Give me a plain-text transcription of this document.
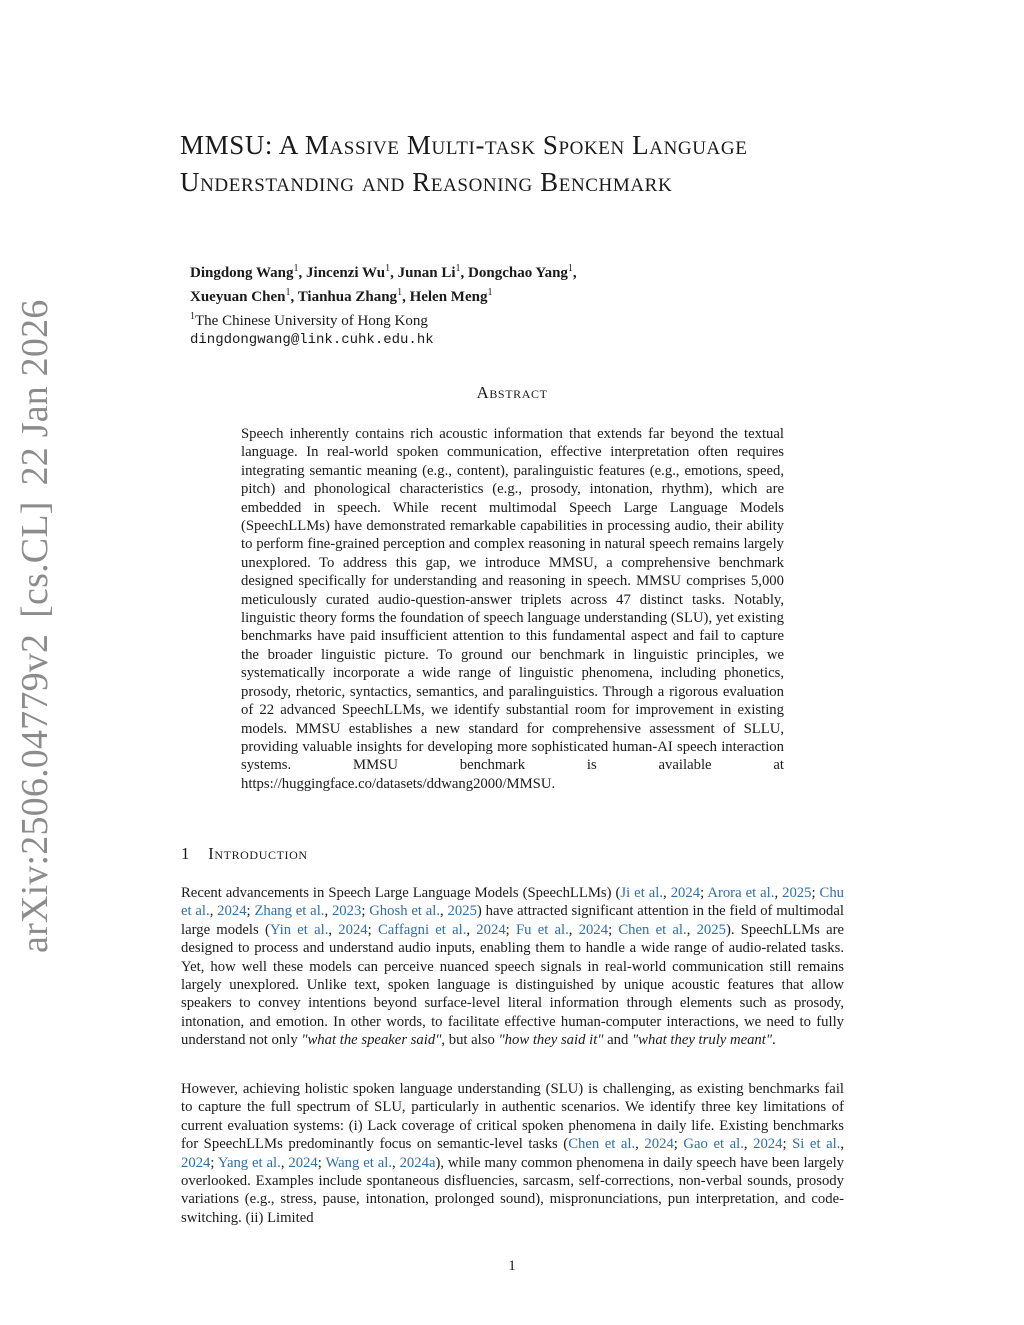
arXiv:2506.04779v2[cs.CL]22 Jan 2026
MMSU: A Massive Multi-task Spoken Language Understanding and Reasoning Benchmark
Dingdong Wang$^1$, Jincenzi Wu$^1$, Junan Li$^1$, Dongchao Yang$^1$,
Xueyuan Chen$^1$, Tianhua Zhang$^1$, Helen Meng$^1$
$^1$The Chinese University of Hong Kong
dingdongwang@link.cuhk.edu.hk
Abstract

Speech inherently contains rich acoustic information that extends far beyond the textual language. In real-world spoken communication, effective interpretation often requires integrating semantic meaning (e.g., content), paralinguistic features (e.g., emotions, speed, pitch) and phonological characteristics (e.g., prosody, intonation, rhythm), which are embedded in speech. While recent multimodal Speech Large Language Models (SpeechLLMs) have demonstrated remarkable capabilities in processing audio, their ability to perform fine-grained perception and complex reasoning in natural speech remains largely unexplored. To address this gap, we introduce MMSU, a comprehensive benchmark designed specifically for understanding and reasoning in speech. MMSU comprises 5,000 meticulously curated audio-question-answer triplets across 47 distinct tasks. Notably, linguistic theory forms the foundation of speech language understanding (SLU), yet existing benchmarks have paid insufficient attention to this fundamental aspect and fail to capture the broader linguistic picture. To ground our benchmark in linguistic principles, we systematically incorporate a wide range of linguistic phenomena, including phonetics, prosody, rhetoric, syntactics, semantics, and paralinguistics. Through a rigorous evaluation of 22 advanced SpeechLLMs, we identify substantial room for improvement in existing models. MMSU establishes a new standard for comprehensive assessment of SLLU, providing valuable insights for developing more sophisticated human-AI speech interaction systems. MMSU benchmark is available at https://huggingface.co/datasets/ddwang2000/MMSU.

1 Introduction

Recent advancements in Speech Large Language Models (SpeechLLMs) (Ji et al., 2024; Arora et al., 2025; Chu et al., 2024; Zhang et al., 2023; Ghosh et al., 2025) have attracted significant attention in the field of multimodal large models (Yin et al., 2024; Caffagni et al., 2024; Fu et al., 2024; Chen et al., 2025). SpeechLLMs are designed to process and understand audio inputs, enabling them to handle a wide range of audio-related tasks. Yet, how well these models can perceive nuanced speech signals in real-world communication still remains largely unexplored. Unlike text, spoken language is distinguished by unique acoustic features that allow speakers to convey intentions beyond surface-level literal information through elements such as prosody, intonation, and emotion. In other words, to facilitate effective human-computer interactions, we need to fully understand not only "what the speaker said", but also "how they said it" and "what they truly meant".

However, achieving holistic spoken language understanding (SLU) is challenging, as existing benchmarks fail to capture the full spectrum of SLU, particularly in authentic scenarios. We identify three key limitations of current evaluation systems: (i) Lack coverage of critical spoken phenomena in daily life. Existing benchmarks for SpeechLLMs predominantly focus on semantic-level tasks (Chen et al., 2024; Gao et al., 2024; Si et al., 2024; Yang et al., 2024; Wang et al., 2024a), while many common phenomena in daily speech have been largely overlooked. Examples include spontaneous disfluencies, sarcasm, self-corrections, non-verbal sounds, prosody variations (e.g., stress, pause, intonation, prolonged sound), mispronunciations, pun interpretation, and code-switching. (ii) Limited

1
